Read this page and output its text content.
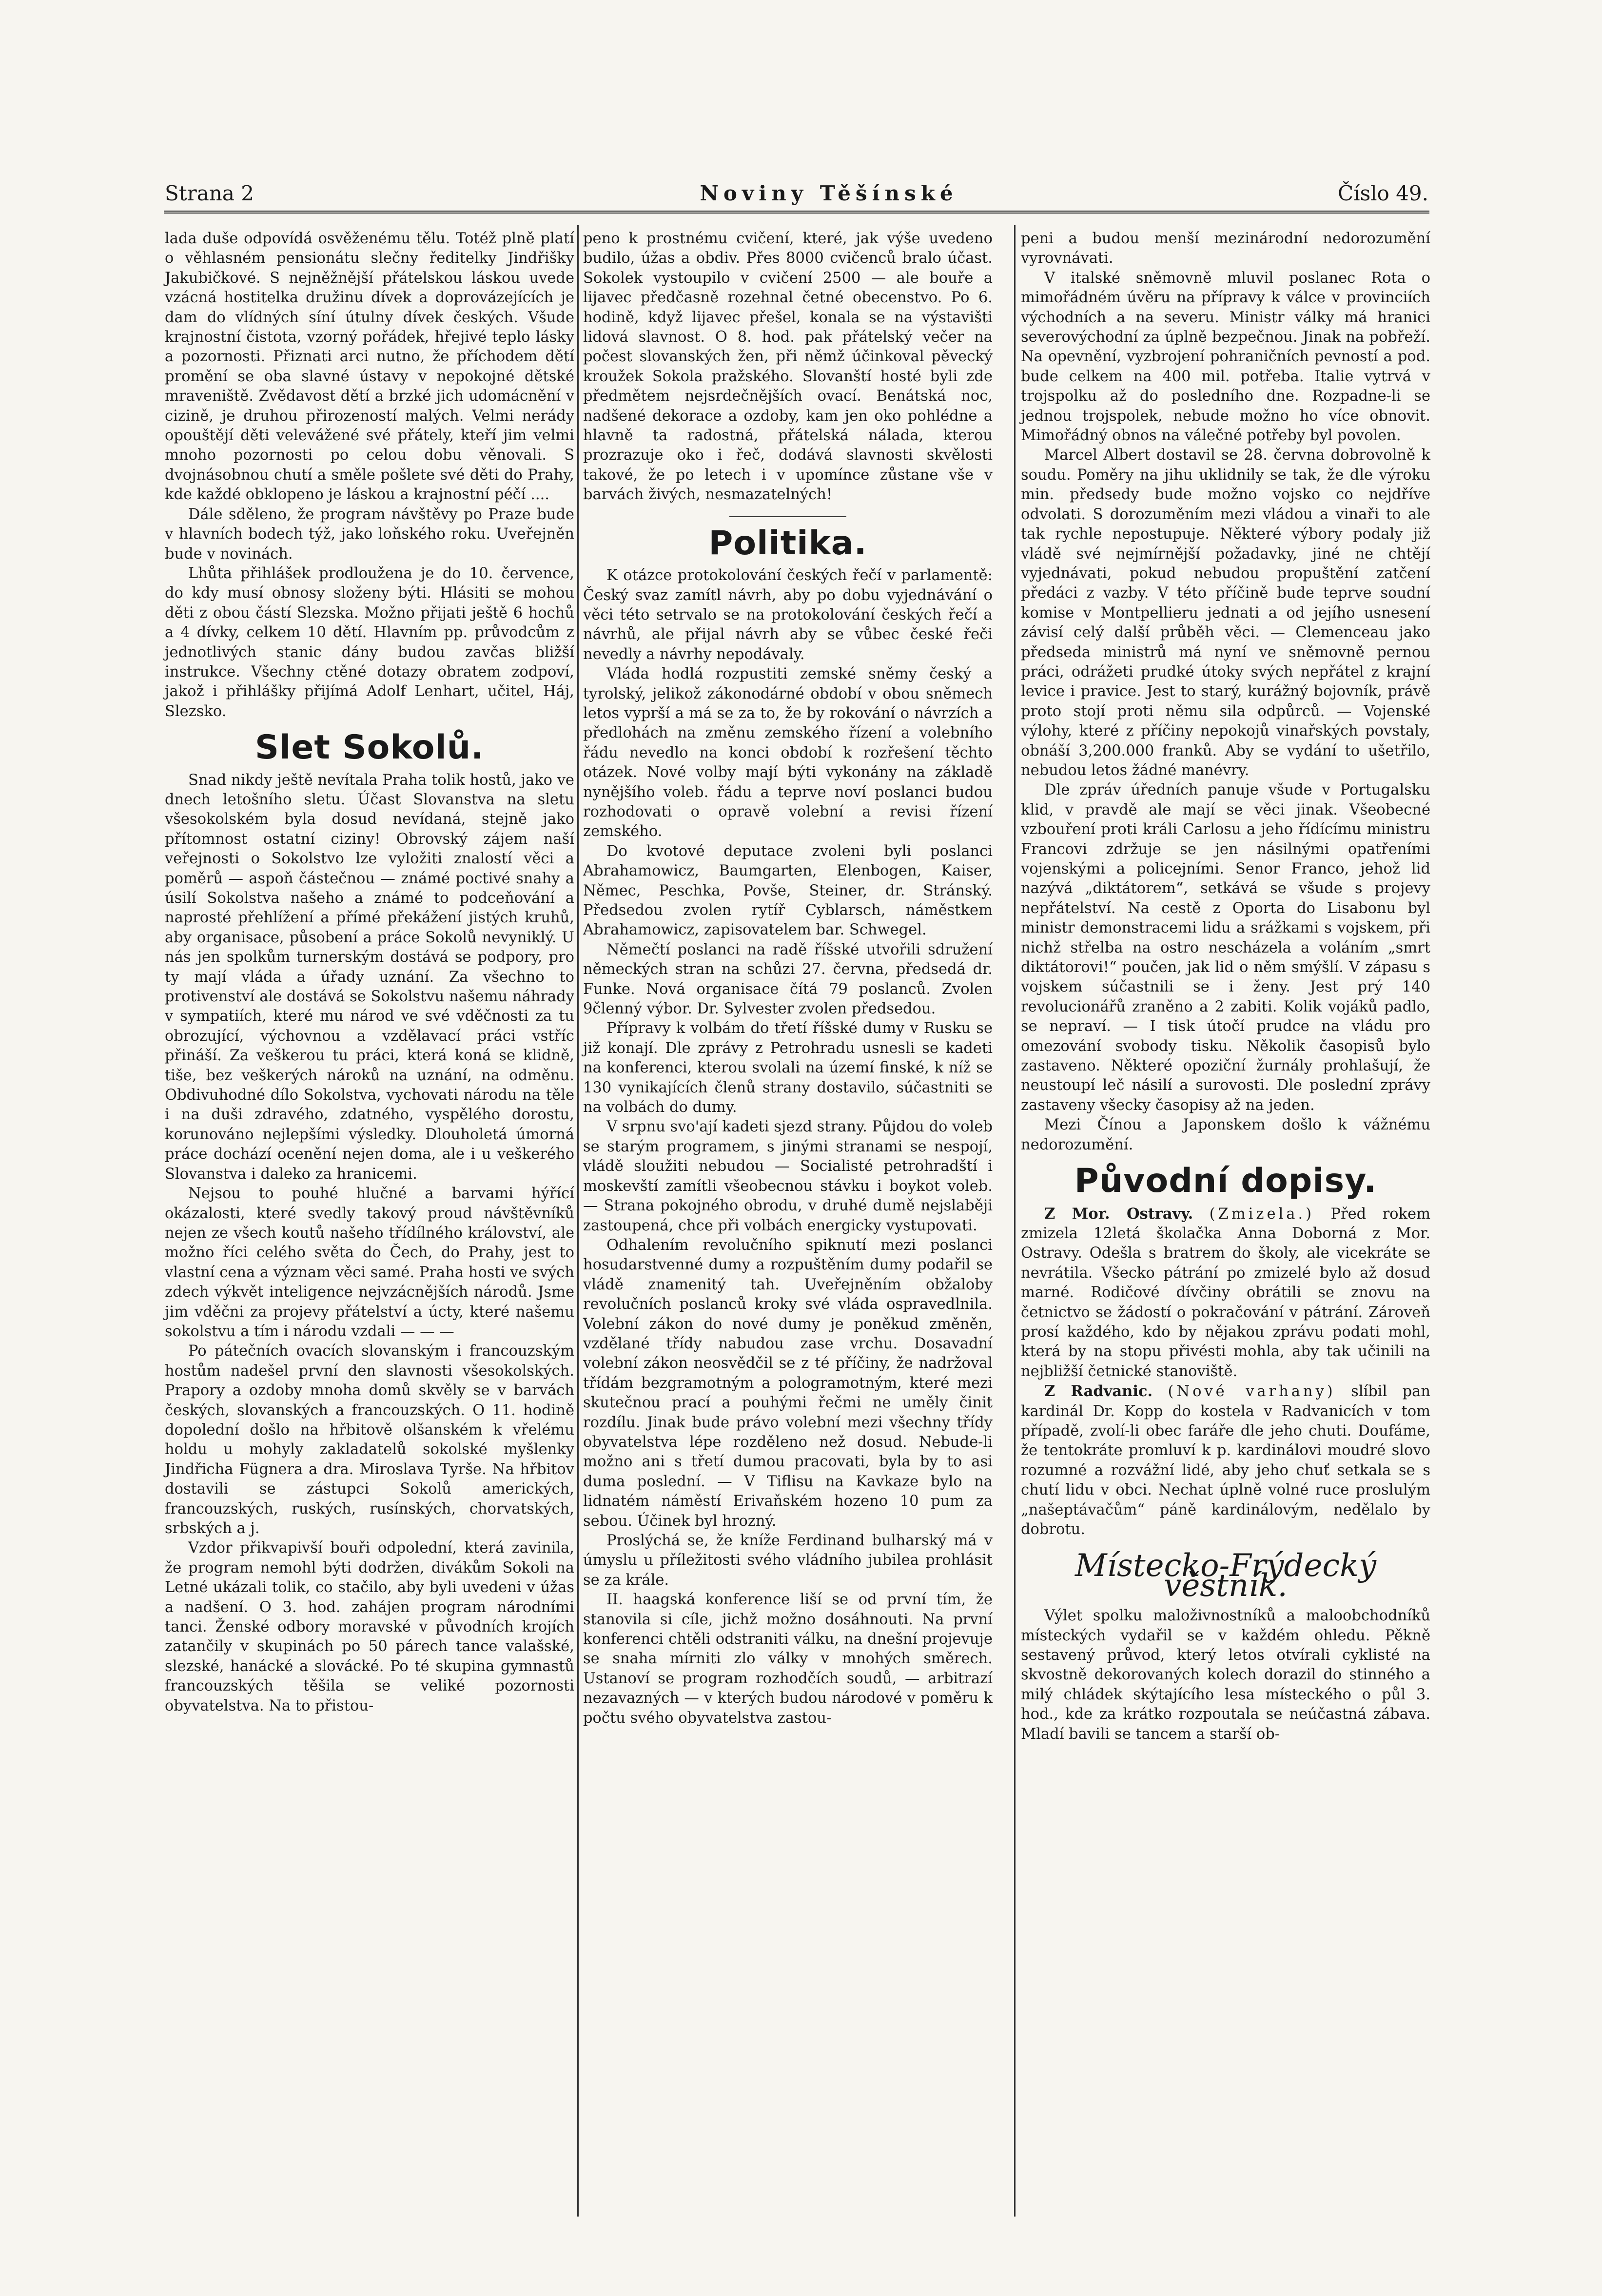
Strana 2	Noviny Těšínské	Číslo 49.

lada duše odpovídá osvěženému tělu. Totéž plně platí o věhlasném pensionátu slečny ředitelky Jindřišky Jakubičkové. S nejněžnější přátelskou láskou uvede vzácná hostitelka družinu dívek a doprovázejících je dam do vlídných síní útulny dívek českých. Všude krajnostní čistota, vzorný pořádek, hřejivé teplo lásky a pozornosti. Přiznati arci nutno, že příchodem dětí promění se oba slavné ústavy v nepokojné dětské mraveniště. Zvědavost dětí a brzké jich udomácnění v cizině, je druhou přirozeností malých. Velmi nerády opouštějí děti velevážené své přátely, kteří jim velmi mnoho pozornosti po celou dobu věnovali. S dvojnásobnou chutí a směle pošlete své děti do Prahy, kde každé obklopeno je láskou a krajnostní péčí ....

Dále sděleno, že program návštěvy po Praze bude v hlavních bodech týž, jako loňského roku. Uveřejněn bude v novinách.

Lhůta přihlášek prodloužena je do 10. července, do kdy musí obnosy složeny býti. Hlásiti se mohou děti z obou částí Slezska. Možno přijati ještě 6 hochů a 4 dívky, celkem 10 dětí. Hlavním pp. průvodcům z jednotlivých stanic dány budou zavčas bližší instrukce. Všechny ctěné dotazy obratem zodpoví, jakož i přihlášky přijímá Adolf Lenhart, učitel, Háj, Slezsko.

Slet Sokolů.

Snad nikdy ještě nevítala Praha tolik hostů, jako ve dnech letošního sletu. Účast Slovanstva na sletu všesokolském byla dosud nevídaná, stejně jako přítomnost ostatní ciziny! Obrovský zájem naší veřejnosti o Sokolstvo lze vyložiti znalostí věci a poměrů — aspoň částečnou — známé poctivé snahy a úsilí Sokolstva našeho a známé to podceňování a naprosté přehlížení a přímé překážení jistých kruhů, aby organisace, působení a práce Sokolů nevyniklý. U nás jen spolkům turnerským dostává se podpory, pro ty mají vláda a úřady uznání. Za všechno to protivenství ale dostává se Sokolstvu našemu náhrady v sympatiích, které mu národ ve své vděčnosti za tu obrozující, výchovnou a vzdělavací práci vstříc přináší. Za veškerou tu práci, která koná se klidně, tiše, bez veškerých nároků na uznání, na odměnu. Obdivuhodné dílo Sokolstva, vychovati národu na těle i na duši zdravého, zdatného, vyspělého dorostu, korunováno nejlepšími výsledky. Dlouholetá úmorná práce dochází ocenění nejen doma, ale i u veškerého Slovanstva i daleko za hranicemi.

Nejsou to pouhé hlučné a barvami hýřící okázalosti, které svedly takový proud návštěvníků nejen ze všech koutů našeho třídílného království, ale možno říci celého světa do Čech, do Prahy, jest to vlastní cena a význam věci samé. Praha hosti ve svých zdech výkvět inteligence nejvzácnějších národů. Jsme jim vděčni za projevy přátelství a úcty, které našemu sokolstvu a tím i národu vzdali — — —

Po pátečních ovacích slovanským i francouzským hostům nadešel první den slavnosti všesokolských. Prapory a ozdoby mnoha domů skvěly se v barvách českých, slovanských a francouzských. O 11. hodině dopolední došlo na hřbitově olšanském k vřelému holdu u mohyly zakladatelů sokolské myšlenky Jindřicha Fügnera a dra. Miroslava Tyrše. Na hřbitov dostavili se zástupci Sokolů amerických, francouzských, ruských, rusínských, chorvatských, srbských a j.

Vzdor přikvapivší bouři odpolední, která zavinila, že program nemohl býti dodržen, divákům Sokoli na Letné ukázali tolik, co stačilo, aby byli uvedeni v úžas a nadšení. O 3. hod. zahájen program národními tanci. Ženské odbory moravské v původních krojích zatančily v skupinách po 50 párech tance valašské, slezské, hanácké a slovácké. Po té skupina gymnastů francouzských těšila se veliké pozornosti obyvatelstva. Na to přistou-

peno k prostnému cvičení, které, jak výše uvedeno budilo, úžas a obdiv. Přes 8000 cvičenců bralo účast. Sokolek vystoupilo v cvičení 2500 — ale bouře a lijavec předčasně rozehnal četné obecenstvo. Po 6. hodině, když lijavec přešel, konala se na výstavišti lidová slavnost. O 8. hod. pak přátelský večer na počest slovanských žen, při němž účinkoval pěvecký kroužek Sokola pražského. Slovanští hosté byli zde předmětem nejsrdečnějších ovací. Benátská noc, nadšené dekorace a ozdoby, kam jen oko pohlédne a hlavně ta radostná, přátelská nálada, kterou prozrazuje oko i řeč, dodává slavnosti skvělosti takové, že po letech i v upomínce zůstane vše v barvách živých, nesmazatelných!

Politika.

K otázce protokolování českých řečí v parlamentě: Český svaz zamítl návrh, aby po dobu vyjednávání o věci této setrvalo se na protokolování českých řečí a návrhů, ale přijal návrh aby se vůbec české řeči nevedly a návrhy nepodávaly.

Vláda hodlá rozpustiti zemské sněmy český a tyrolský, jelikož zákonodárné období v obou sněmech letos vyprší a má se za to, že by rokování o návrzích a předlohách na změnu zemského řízení a volebního řádu nevedlo na konci období k rozřešení těchto otázek. Nové volby mají býti vykonány na základě nynějšího voleb. řádu a teprve noví poslanci budou rozhodovati o opravě volební a revisi řízení zemského.

Do kvotové deputace zvoleni byli poslanci Abrahamowicz, Baumgarten, Elenbogen, Kaiser, Němec, Peschka, Povše, Steiner, dr. Stránský. Předsedou zvolen rytíř Cyblarsch, náměstkem Abrahamowicz, zapisovatelem bar. Schwegel.

Němečtí poslanci na radě říšské utvořili sdružení německých stran na schůzi 27. června, předsedá dr. Funke. Nová organisace čítá 79 poslanců. Zvolen 9členný výbor. Dr. Sylvester zvolen předsedou.

Přípravy k volbám do třetí říšské dumy v Rusku se již konají. Dle zprávy z Petrohradu usnesli se kadeti na konferenci, kterou svolali na území finské, k níž se 130 vynikajících členů strany dostavilo, súčastniti se na volbách do dumy.

V srpnu svo'ají kadeti sjezd strany. Půjdou do voleb se starým programem, s jinými stranami se nespojí, vládě sloužiti nebudou — Socialisté petrohradští i moskevští zamítli všeobecnou stávku i boykot voleb. — Strana pokojného obrodu, v druhé dumě nejslaběji zastoupená, chce při volbách energicky vystupovati.

Odhalením revolučního spiknutí mezi poslanci hosudarstvenné dumy a rozpuštěním dumy podařil se vládě znamenitý tah. Uveřejněním obžaloby revolučních poslanců kroky své vláda ospravedlnila. Volební zákon do nové dumy je poněkud změněn, vzdělané třídy nabudou zase vrchu. Dosavadní volební zákon neosvědčil se z té příčiny, že nadržoval třídám bezgramotným a pologramotným, které mezi skutečnou prací a pouhými řečmi ne uměly činit rozdílu. Jinak bude právo volební mezi všechny třídy obyvatelstva lépe rozděleno než dosud. Nebude-li možno ani s třetí dumou pracovati, byla by to asi duma poslední. — V Tiflisu na Kavkaze bylo na lidnatém náměstí Erivaňském hozeno 10 pum za sebou. Účinek byl hrozný.

Proslýchá se, že kníže Ferdinand bulharský má v úmyslu u příležitosti svého vládního jubilea prohlásit se za krále.

II. haagská konference liší se od první tím, že stanovila si cíle, jichž možno dosáhnouti. Na první konferenci chtěli odstraniti válku, na dnešní projevuje se snaha mírniti zlo války v mnohých směrech. Ustanoví se program rozhodčích soudů, — arbitrazí nezavazných — v kterých budou národové v poměru k počtu svého obyvatelstva zastou-

peni a budou menší mezinárodní nedorozumění vyrovnávati.

V italské sněmovně mluvil poslanec Rota o mimořádném úvěru na přípravy k válce v provinciích východních a na severu. Ministr války má hranici severovýchodní za úplně bezpečnou. Jinak na pobřeží. Na opevnění, vyzbrojení pohraničních pevností a pod. bude celkem na 400 mil. potřeba. Italie vytrvá v trojspolku až do posledního dne. Rozpadne-li se jednou trojspolek, nebude možno ho více obnovit. Mimořádný obnos na válečné potřeby byl povolen.

Marcel Albert dostavil se 28. června dobrovolně k soudu. Poměry na jihu uklidnily se tak, že dle výroku min. předsedy bude možno vojsko co nejdříve odvolati. S dorozuměním mezi vládou a vinaři to ale tak rychle nepostupuje. Některé výbory podaly již vládě své nejmírnější požadavky, jiné ne chtějí vyjednávati, pokud nebudou propuštění zatčení předáci z vazby. V této příčině bude teprve soudní komise v Montpellieru jednati a od jejího usnesení závisí celý další průběh věci. — Clemenceau jako předseda ministrů má nyní ve sněmovně pernou práci, odrážeti prudké útoky svých nepřátel z krajní levice i pravice. Jest to starý, kurážný bojovník, právě proto stojí proti němu sila odpůrců. — Vojenské výlohy, které z příčiny nepokojů vinařských povstaly, obnáší 3,200.000 franků. Aby se vydání to ušetřilo, nebudou letos žádné manévry.

Dle zpráv úředních panuje všude v Portugalsku klid, v pravdě ale mají se věci jinak. Všeobecné vzbouření proti králi Carlosu a jeho řídícímu ministru Francovi zdržuje se jen násilnými opatřeními vojenskými a policejními. Senor Franco, jehož lid nazývá „diktátorem“, setkává se všude s projevy nepřátelství. Na cestě z Oporta do Lisabonu byl ministr demonstracemi lidu a srážkami s vojskem, při nichž střelba na ostro nescházela a voláním „smrt diktátorovi!“ poučen, jak lid o něm smýšlí. V zápasu s vojskem súčastnili se i ženy. Jest prý 140 revolucionářů zraněno a 2 zabiti. Kolik vojáků padlo, se nepraví. — I tisk útočí prudce na vládu pro omezování svobody tisku. Několik časopisů bylo zastaveno. Některé opoziční žurnály prohlašují, že neustoupí leč násilí a surovosti. Dle poslední zprávy zastaveny všecky časopisy až na jeden.

Mezi Čínou a Japonskem došlo k vážnému nedorozumění.

Původní dopisy.

Z Mor. Ostravy. (Zmizela.) Před rokem zmizela 12letá školačka Anna Doborná z Mor. Ostravy. Odešla s bratrem do školy, ale vicekráte se nevrátila. Všecko pátrání po zmizelé bylo až dosud marné. Rodičové dívčiny obrátili se znovu na četnictvo se žádostí o pokračování v pátrání. Zároveň prosí každého, kdo by nějakou zprávu podati mohl, která by na stopu přivésti mohla, aby tak učinili na nejbližší četnické stanoviště.

Z Radvanic. (Nové varhany) slíbil pan kardinál Dr. Kopp do kostela v Radvanicích v tom případě, zvolí-li obec faráře dle jeho chuti. Doufáme, že tentokráte promluví k p. kardinálovi moudré slovo rozumné a rozvážní lidé, aby jeho chuť setkala se s chutí lidu v obci. Nechat úplně volné ruce proslulým „našeptávačům“ páně kardinálovým, nedělalo by dobrotu.

Místecko-Frýdecký věstník.

Výlet spolku maloživnostníků a maloobchodníků místeckých vydařil se v každém ohledu. Pěkně sestavený průvod, který letos otvírali cyklisté na skvostně dekorovaných kolech dorazil do stinného a milý chládek skýtajícího lesa místeckého o půl 3. hod., kde za krátko rozpoutala se neúčastná zábava. Mladí bavili se tancem a starší ob-
